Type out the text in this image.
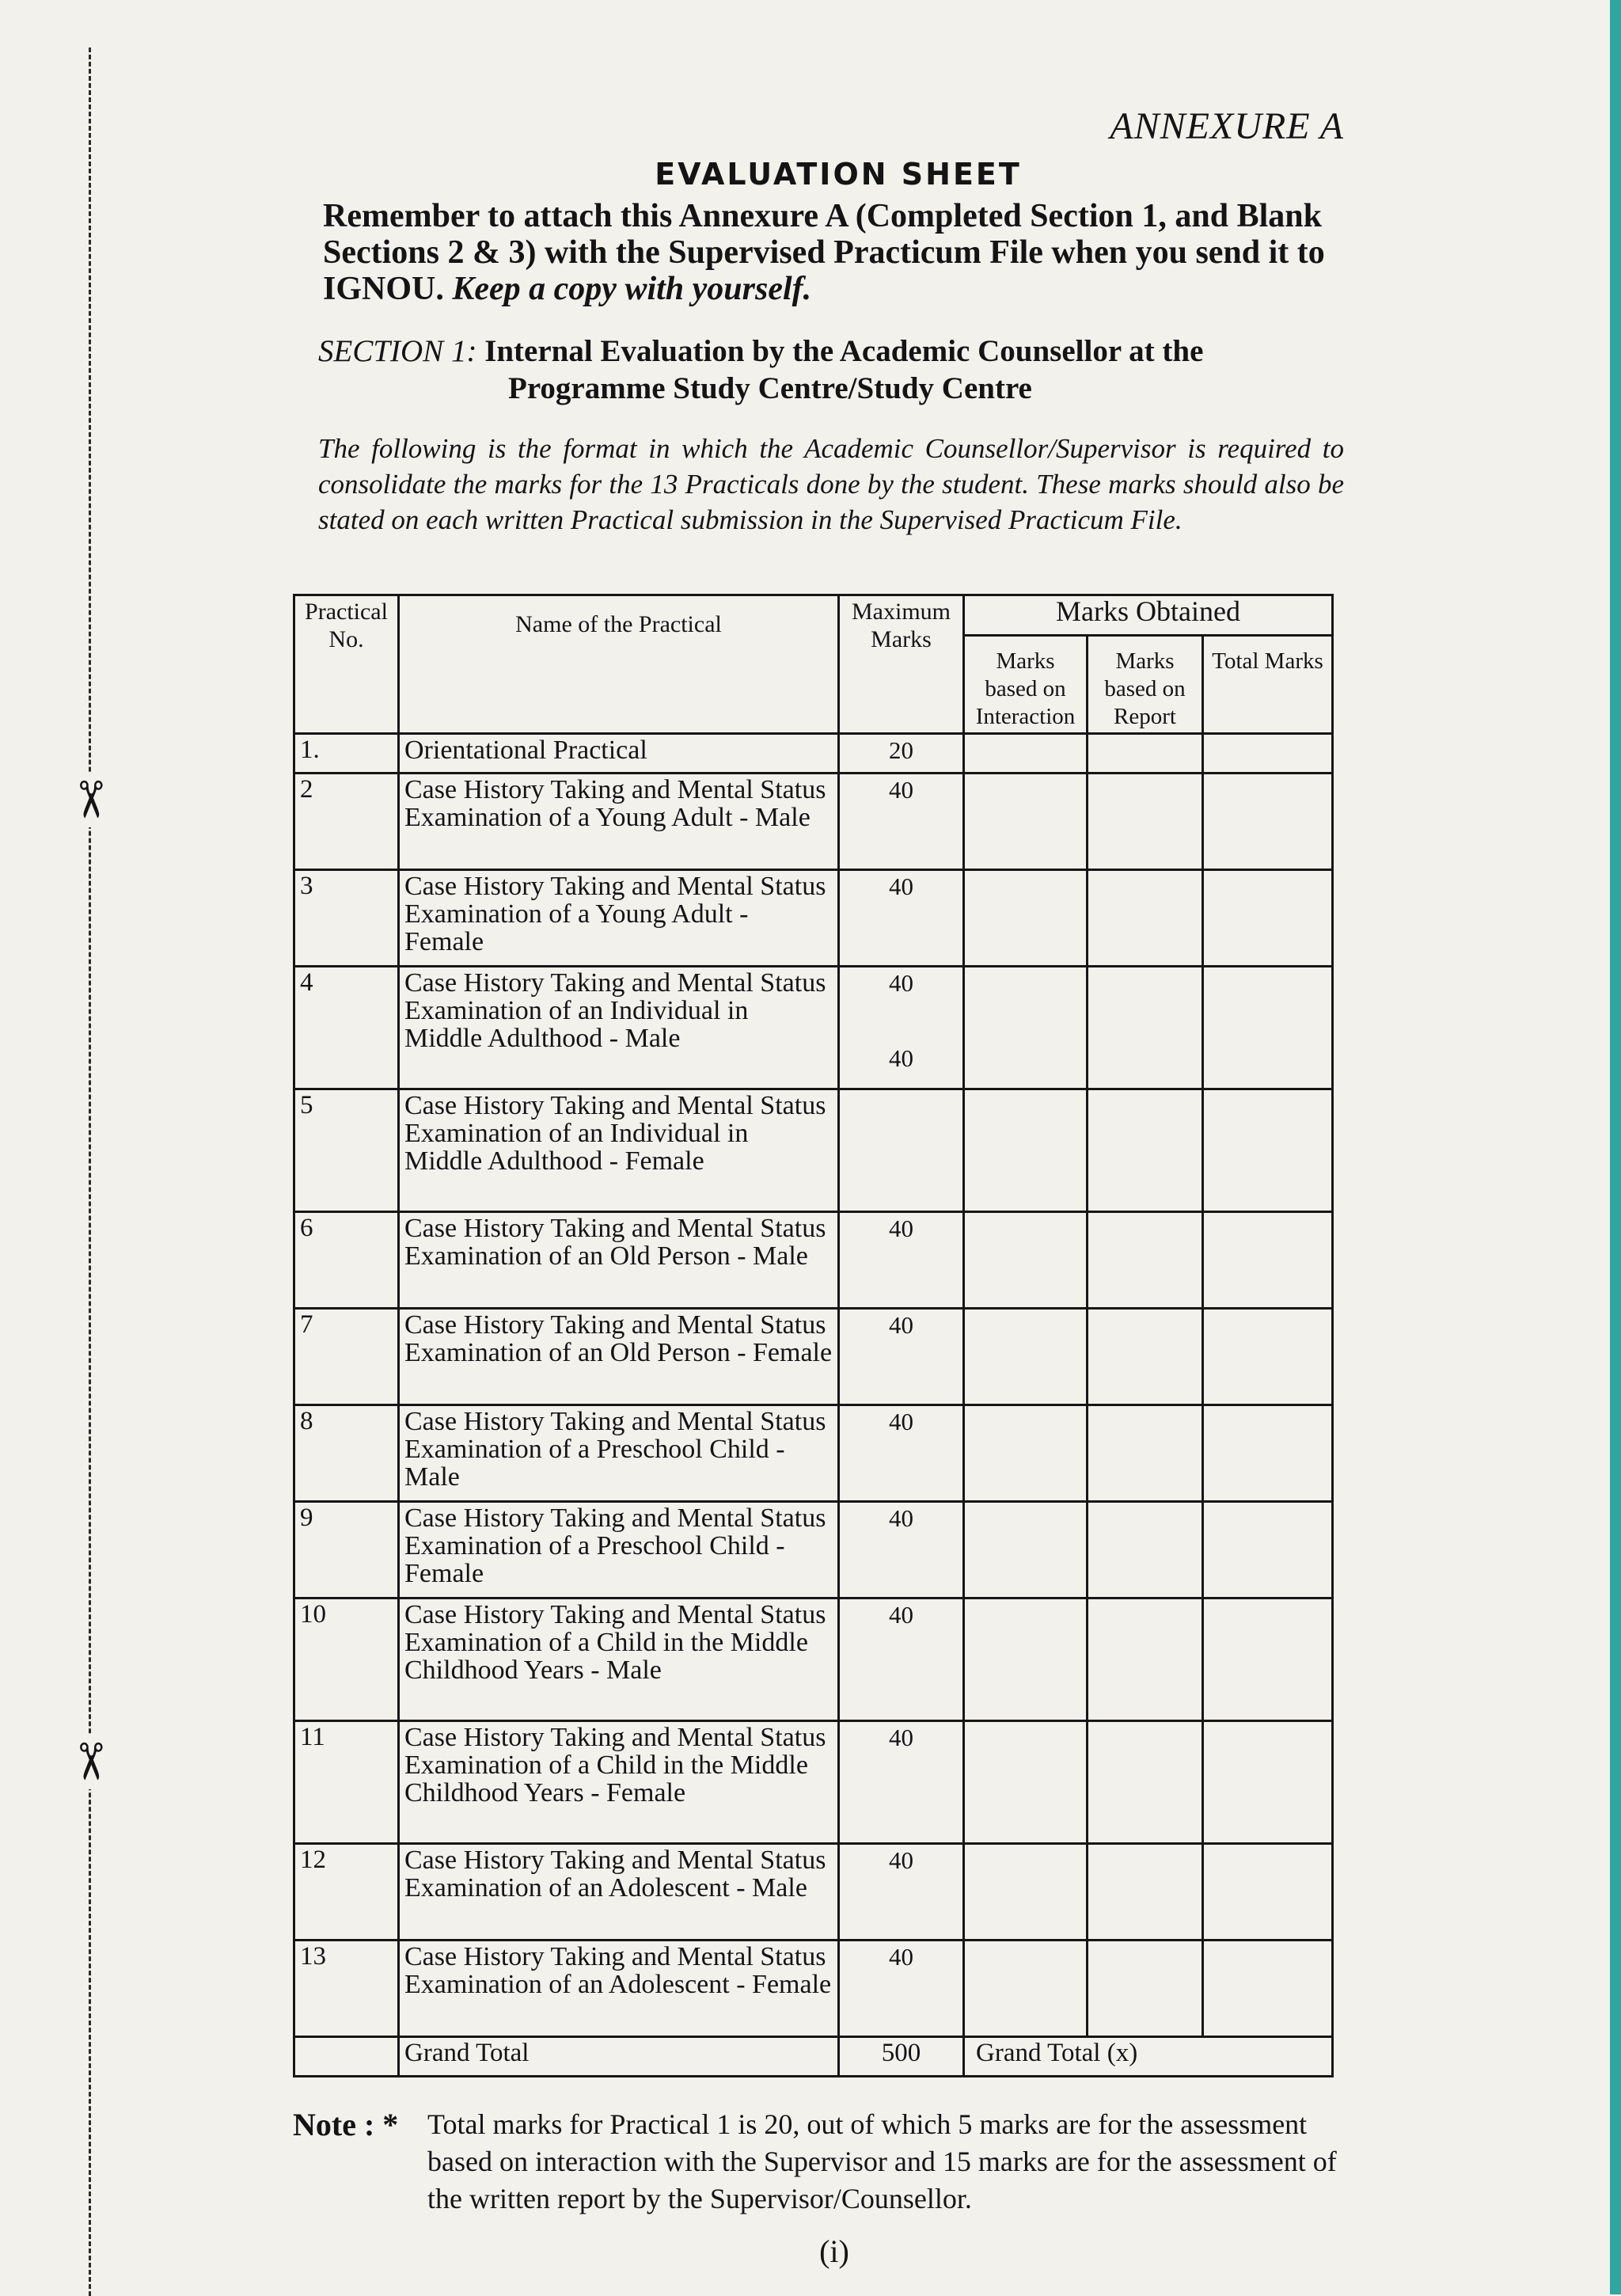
✂
✂
ANNEXURE A
EVALUATION SHEET
Remember to attach this Annexure A (Completed Section 1, and Blank Sections 2 & 3) with the Supervised Practicum File when you send it to IGNOU. Keep a copy with yourself.
SECTION 1: Internal Evaluation by the Academic Counsellor at the
Programme Study Centre/Study Centre
The following is the format in which the Academic Counsellor/Supervisor is required to consolidate the marks for the 13 Practicals done by the student. These marks should also be stated on each written Practical submission in the Supervised Practicum File.
Practical No.	Name of the Practical	Maximum Marks	Marks Obtained		
			Marks based on Interaction	Marks based on Report	Total Marks
1.	Orientational Practical	20			

2	Case History Taking and Mental Status Examination of a Young Adult - Male	40			

3	Case History Taking and Mental Status Examination of a Young Adult - Female	40			

4	Case History Taking and Mental Status Examination of an Individual in Middle Adulthood - Male	40
40			

5	Case History Taking and Mental Status Examination of an Individual in Middle Adulthood - Female	

6	Case History Taking and Mental Status Examination of an Old Person - Male	40			

7	Case History Taking and Mental Status Examination of an Old Person - Female	40			

8	Case History Taking and Mental Status Examination of a Preschool Child - Male	40			

9	Case History Taking and Mental Status Examination of a Preschool Child - Female	40			

10	Case History Taking and Mental Status Examination of a Child in the Middle Childhood Years - Male	40			

11	Case History Taking and Mental Status Examination of a Child in the Middle Childhood Years - Female	40			

12	Case History Taking and Mental Status Examination of an Adolescent - Male	40			

13	Case History Taking and Mental Status Examination of an Adolescent - Female	40			

	Grand Total	500	Grand Total (x)		
Note : * Total marks for Practical 1 is 20, out of which 5 marks are for the assessment based on interaction with the Supervisor and 15 marks are for the assessment of the written report by the Supervisor/Counsellor.
(i)
